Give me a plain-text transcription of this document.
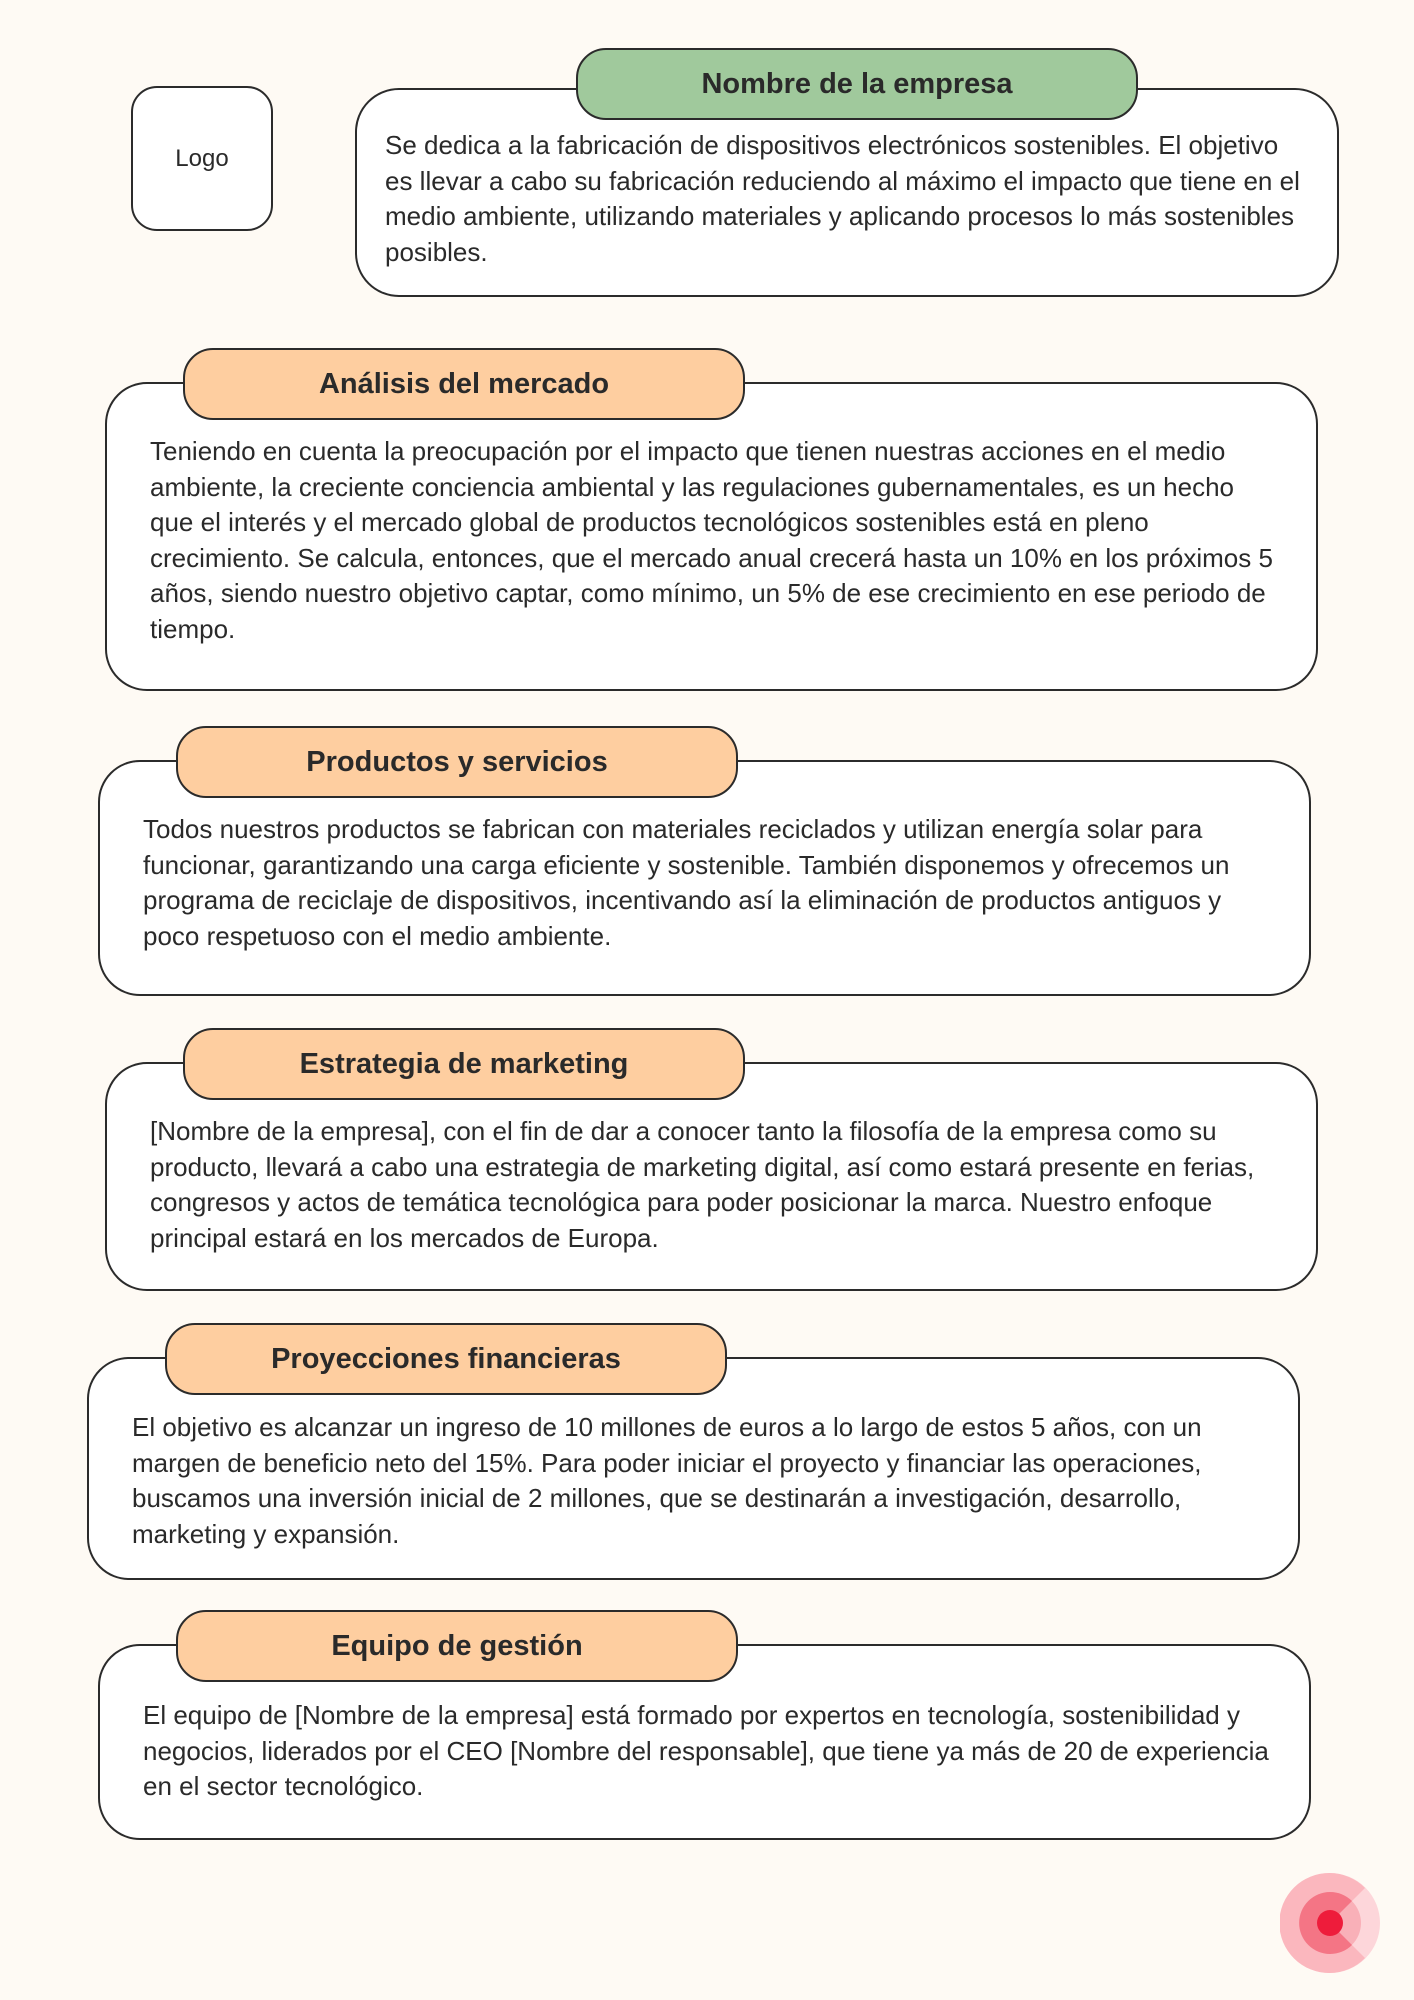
Logo
Nombre de la empresa

Se dedica a la fabricación de dispositivos electrónicos sostenibles. El objetivo es llevar a cabo su fabricación reduciendo al máximo el impacto que tiene en el medio ambiente, utilizando materiales y aplicando procesos lo más sostenibles posibles.

Análisis del mercado

Teniendo en cuenta la preocupación por el impacto que tienen nuestras acciones en el medio ambiente, la creciente conciencia ambiental y las regulaciones gubernamentales, es un hecho que el interés y el mercado global de productos tecnológicos sostenibles está en pleno crecimiento. Se calcula, entonces, que el mercado anual crecerá hasta un 10% en los próximos 5 años, siendo nuestro objetivo captar, como mínimo, un 5% de ese crecimiento en ese periodo de tiempo.

Productos y servicios

Todos nuestros productos se fabrican con materiales reciclados y utilizan energía solar para funcionar, garantizando una carga eficiente y sostenible. También disponemos y ofrecemos un programa de reciclaje de dispositivos, incentivando así la eliminación de productos antiguos y poco respetuoso con el medio ambiente.

Estrategia de marketing

[Nombre de la empresa], con el fin de dar a conocer tanto la filosofía de la empresa como su producto, llevará a cabo una estrategia de marketing digital, así como estará presente en ferias, congresos y actos de temática tecnológica para poder posicionar la marca. Nuestro enfoque principal estará en los mercados de Europa.

Proyecciones financieras

El objetivo es alcanzar un ingreso de 10 millones de euros a lo largo de estos 5 años, con un margen de beneficio neto del 15%. Para poder iniciar el proyecto y financiar las operaciones, buscamos una inversión inicial de 2 millones, que se destinarán a investigación, desarrollo, marketing y expansión.

Equipo de gestión

El equipo de [Nombre de la empresa] está formado por expertos en tecnología, sostenibilidad y negocios, liderados por el CEO [Nombre del responsable], que tiene ya más de 20 de experiencia en el sector tecnológico.
